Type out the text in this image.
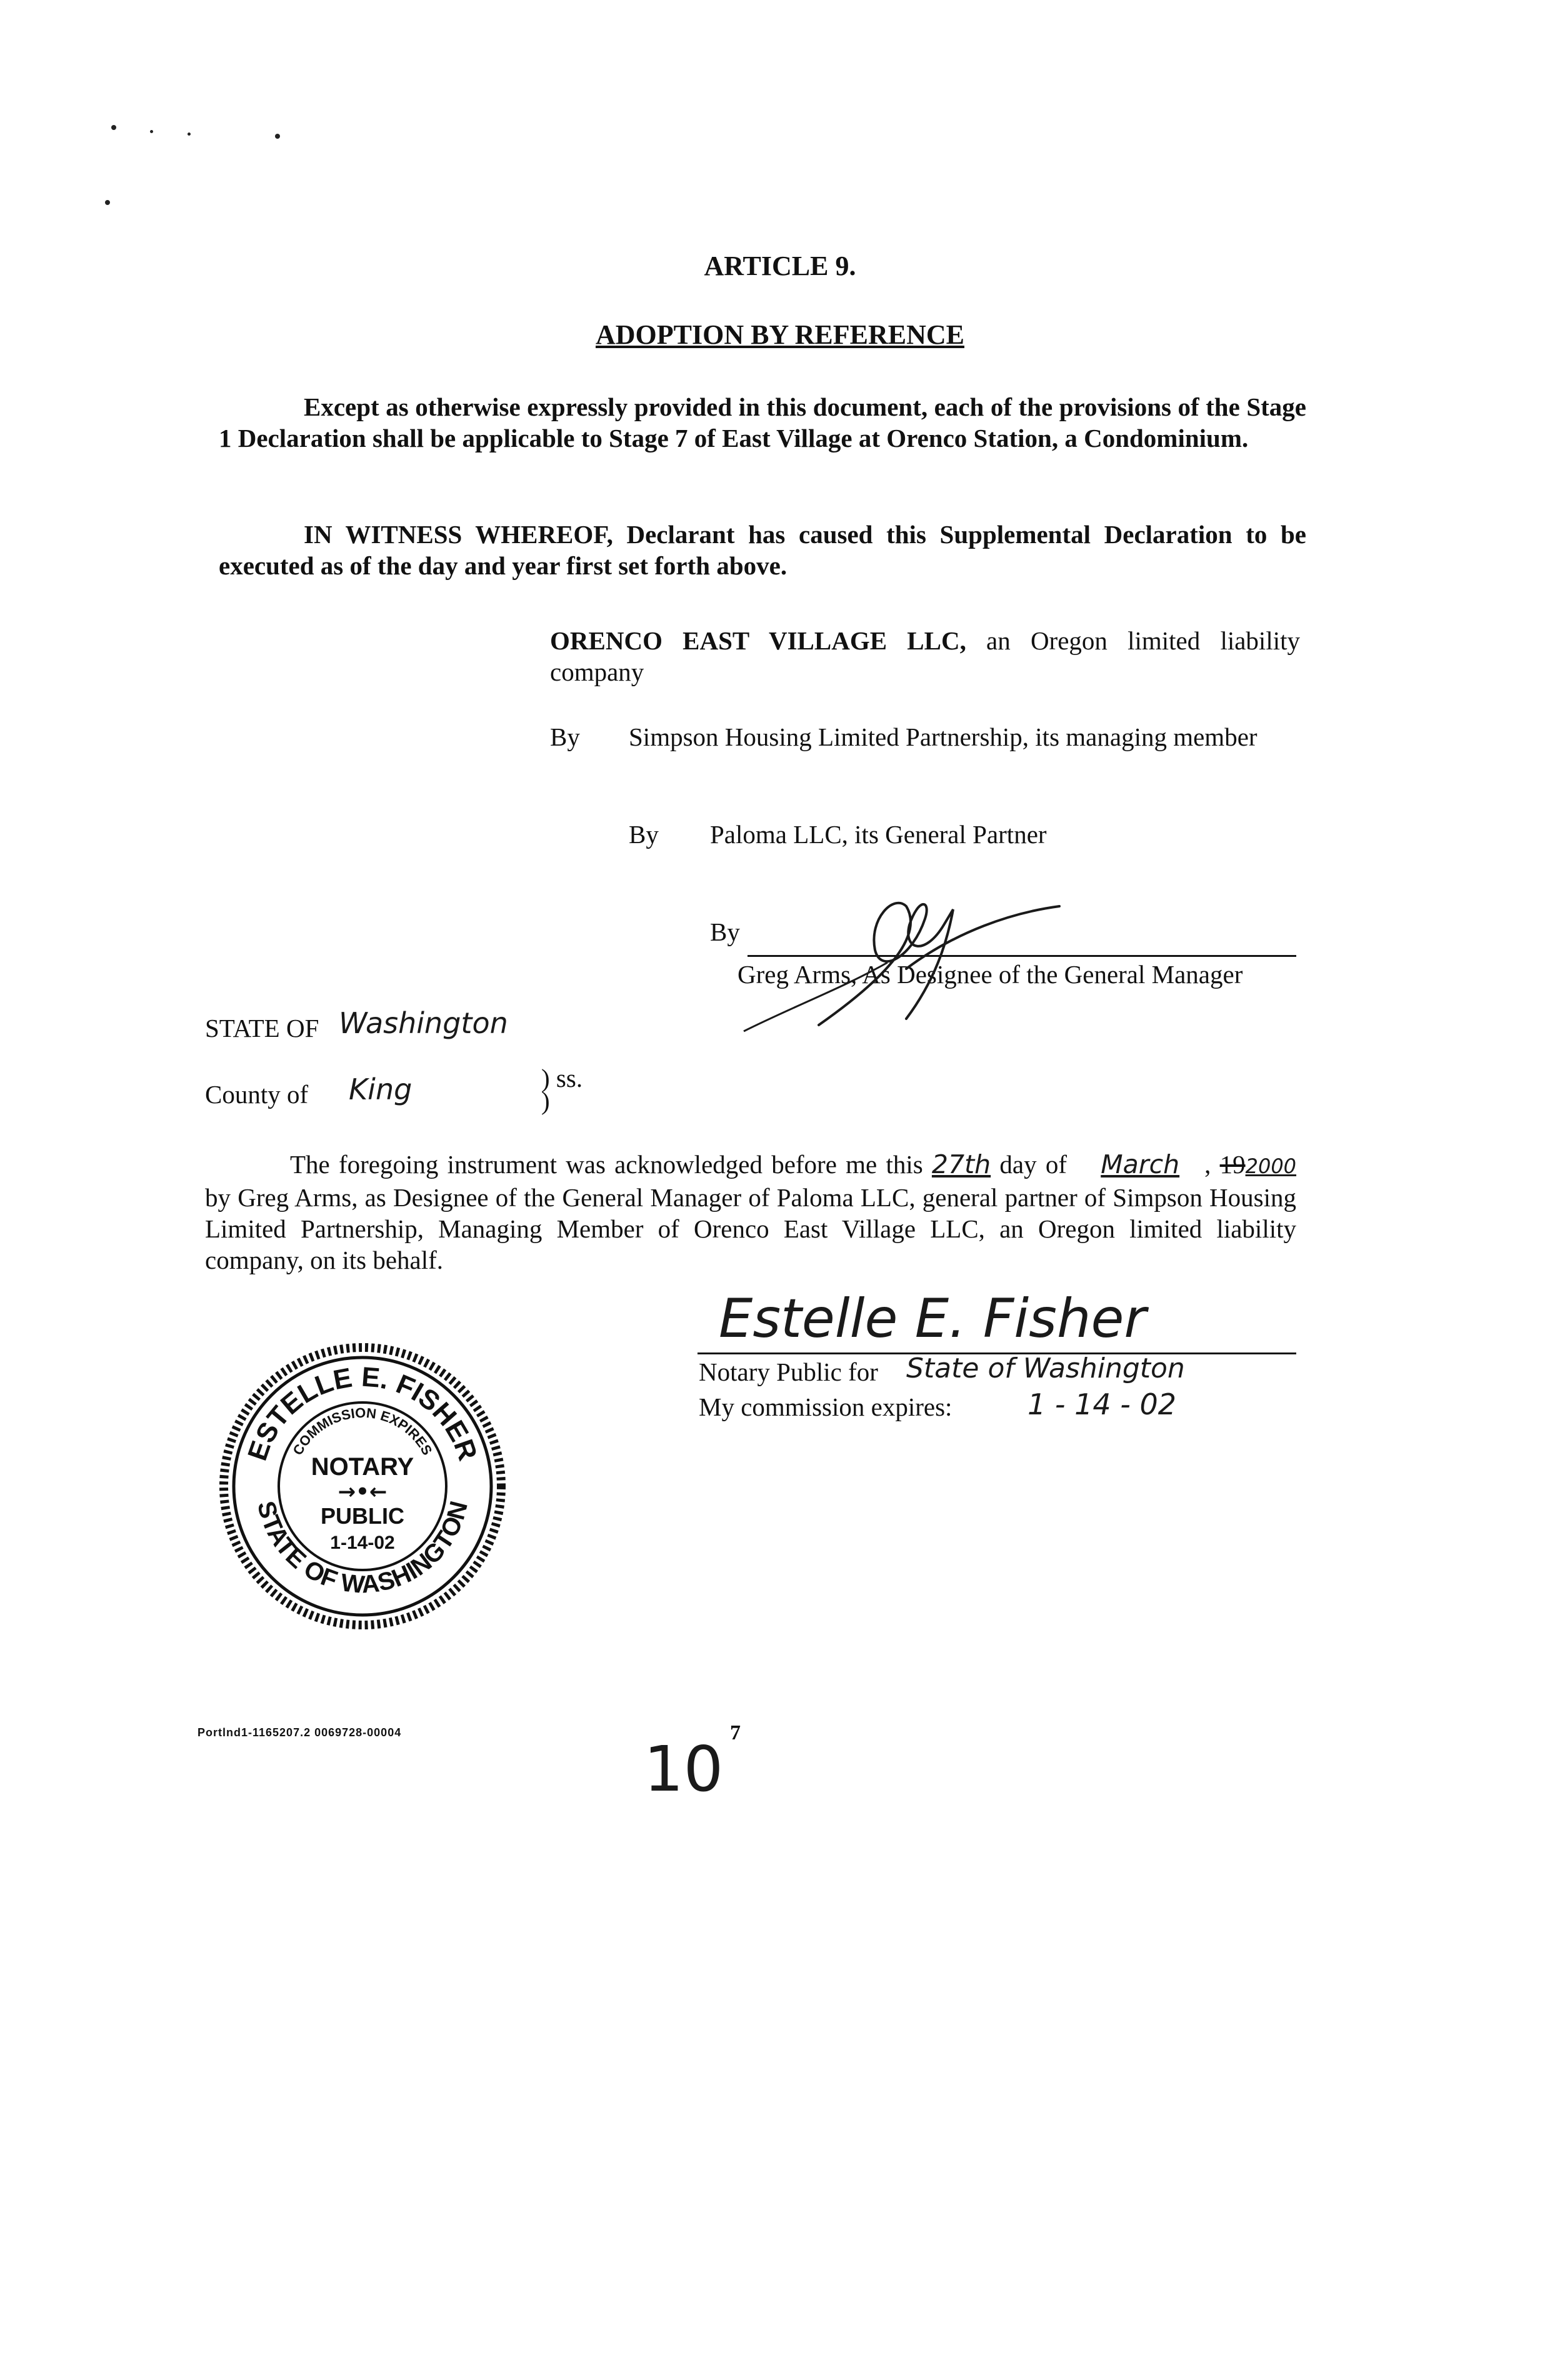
ARTICLE 9.
ADOPTION BY REFERENCE
Except as otherwise expressly provided in this document, each of the provisions of the Stage 1 Declaration shall be applicable to Stage 7 of East Village at Orenco Station, a Condominium.
IN WITNESS WHEREOF, Declarant has caused this Supplemental Declaration to be executed as of the day and year first set forth above.
ORENCO EAST VILLAGE LLC, an Oregon limited liability company
By Simpson Housing Limited Partnership, its managing member
By Paloma LLC, its General Partner
By
Greg Arms, As Designee of the General Manager
STATE OF Washington
) ss.
County of King	)
The foregoing instrument was acknowledged before me this 27th day of March , 192000 by Greg Arms, as Designee of the General Manager of Paloma LLC, general partner of Simpson Housing Limited Partnership, Managing Member of Orenco East Village LLC, an Oregon limited liability company, on its behalf.
Estelle E. Fisher
Notary Public for State of Washington
My commission expires:	1 - 14 - 02
ESTELLE E. FISHER
STATE OF WASHINGTON
COMMISSION EXPIRES
NOTARY
→•←
PUBLIC
1-14-02
Portlnd1-1165207.2 0069728-00004	7
10
